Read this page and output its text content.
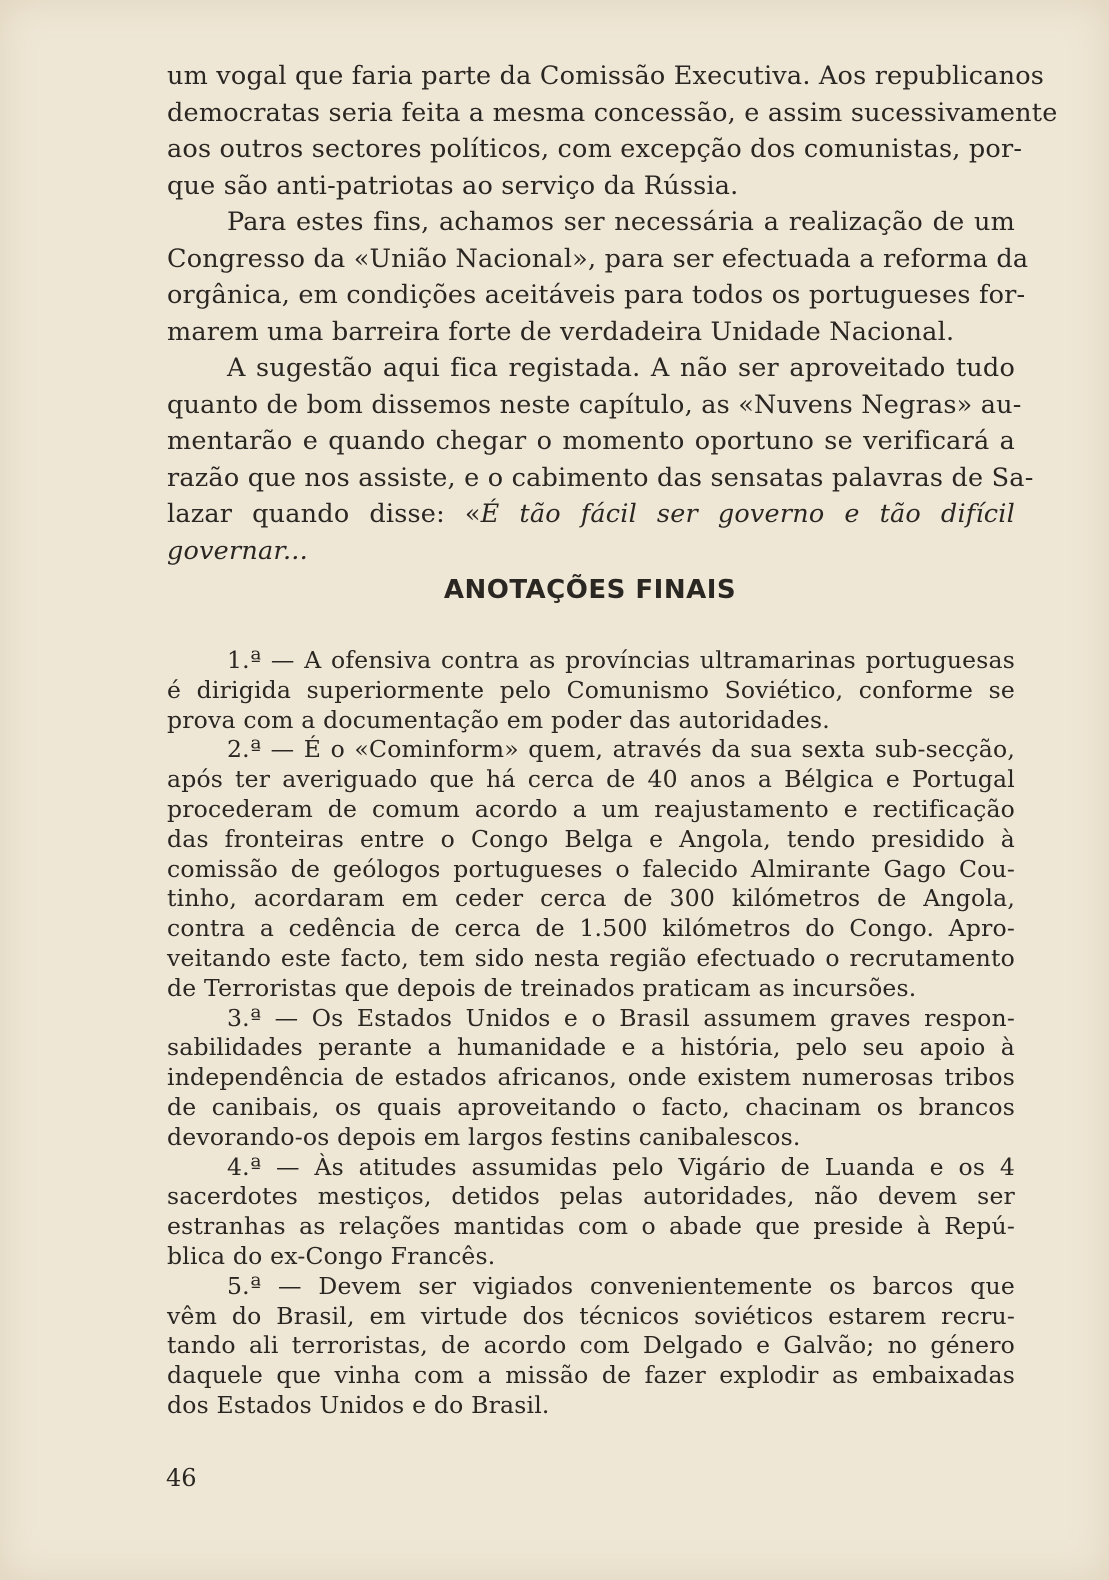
um vogal que faria parte da Comissão Executiva. Aos republicanos
democratas seria feita a mesma concessão, e assim sucessivamente
aos outros sectores políticos, com excepção dos comunistas, por-
que são anti-patriotas ao serviço da Rússia.
Para estes fins, achamos ser necessária a realização de um
Congresso da «União Nacional», para ser efectuada a reforma da
orgânica, em condições aceitáveis para todos os portugueses for-
marem uma barreira forte de verdadeira Unidade Nacional.
A sugestão aqui fica registada. A não ser aproveitado tudo
quanto de bom dissemos neste capítulo, as «Nuvens Negras» au-
mentarão e quando chegar o momento oportuno se verificará a
razão que nos assiste, e o cabimento das sensatas palavras de Sa-
lazar quando disse: «É tão fácil ser governo e tão difícil
governar...
ANOTAÇÕES FINAIS
1.ª — A ofensiva contra as províncias ultramarinas portuguesas
é dirigida superiormente pelo Comunismo Soviético, conforme se
prova com a documentação em poder das autoridades.
2.ª — É o «Cominform» quem, através da sua sexta sub-secção,
após ter averiguado que há cerca de 40 anos a Bélgica e Portugal
procederam de comum acordo a um reajustamento e rectificação
das fronteiras entre o Congo Belga e Angola, tendo presidido à
comissão de geólogos portugueses o falecido Almirante Gago Cou-
tinho, acordaram em ceder cerca de 300 kilómetros de Angola,
contra a cedência de cerca de 1.500 kilómetros do Congo. Apro-
veitando este facto, tem sido nesta região efectuado o recrutamento
de Terroristas que depois de treinados praticam as incursões.
3.ª — Os Estados Unidos e o Brasil assumem graves respon-
sabilidades perante a humanidade e a história, pelo seu apoio à
independência de estados africanos, onde existem numerosas tribos
de canibais, os quais aproveitando o facto, chacinam os brancos
devorando-os depois em largos festins canibalescos.
4.ª — Às atitudes assumidas pelo Vigário de Luanda e os 4
sacerdotes mestiços, detidos pelas autoridades, não devem ser
estranhas as relações mantidas com o abade que preside à Repú-
blica do ex-Congo Francês.
5.ª — Devem ser vigiados convenientemente os barcos que
vêm do Brasil, em virtude dos técnicos soviéticos estarem recru-
tando ali terroristas, de acordo com Delgado e Galvão; no género
daquele que vinha com a missão de fazer explodir as embaixadas
dos Estados Unidos e do Brasil.
46
